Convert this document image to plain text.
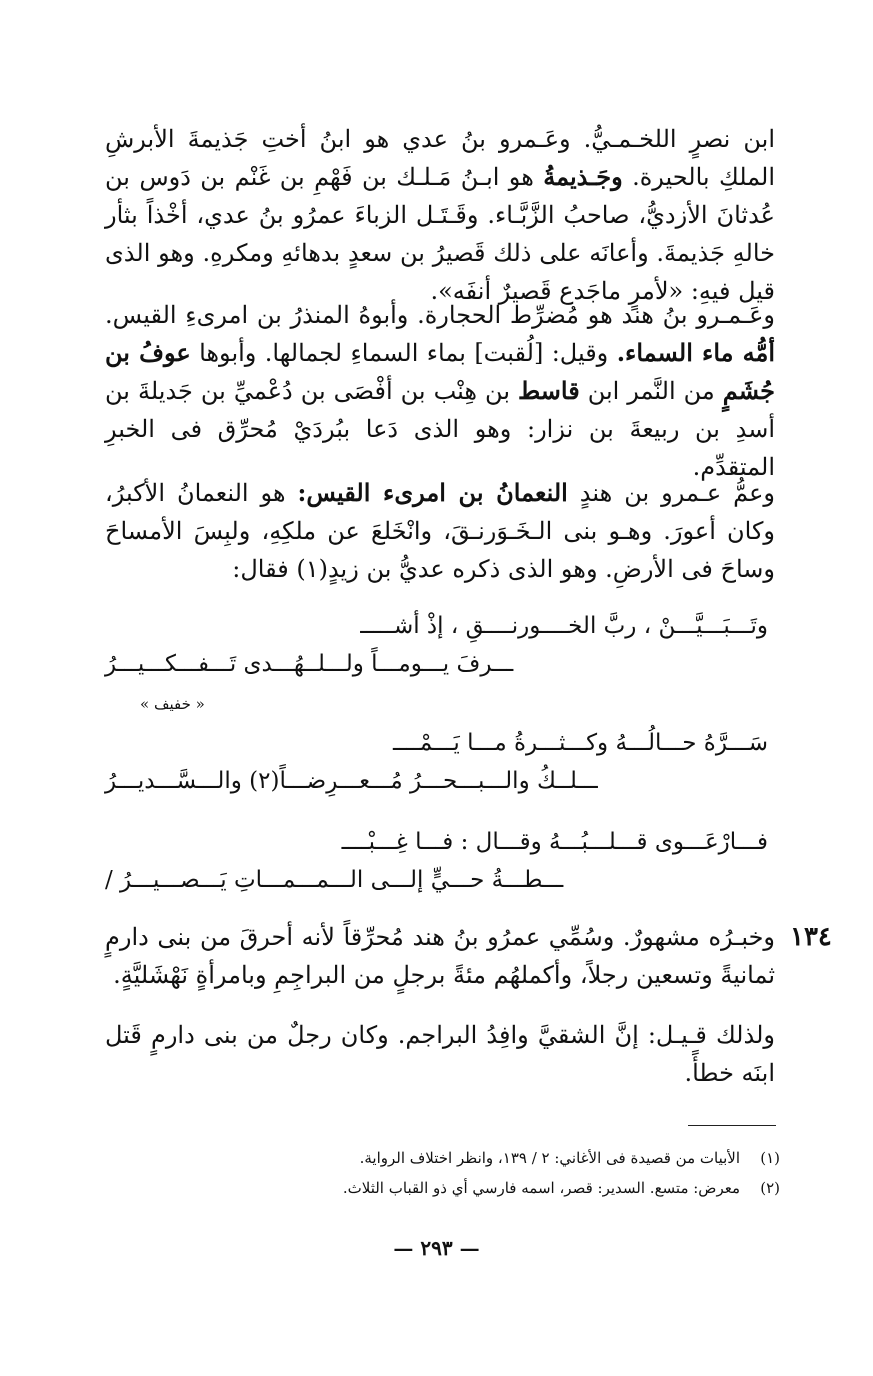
ابن نصرٍ اللخـمـيُّ. وعَـمرو بنُ عدي هو ابنُ أختِ جَذيمةَ الأبرشِ الملكِ بالحيرة. وجَـذيمةُ هو ابـنُ مَـلـك بن فَهْمِ بن غَنْم بن دَوس بن عُدثانَ الأزديُّ، صاحبُ الزَّبَّـاء. وقَـتَـل الزباءَ عمرُو بنُ عدي، أخْذاً بثأر خالهِ جَذيمةَ. وأعانَه على ذلك قَصيرُ بن سعدٍ بدهائهِ ومكرهِ. وهو الذى قيل فيهِ: «لأمرٍ ماجَدع قَصيرٌ أنفَه».
وعَـمـرو بنُ هند هو مُضرِّط الحجارة. وأبوهُ المنذرُ بن امرىءِ القيس. أمُّه ماء السماء. وقيل: [لُقبت] بماء السماءِ لجمالها. وأبوها عوفُ بن جُشَمٍ من النَّمر ابن قاسط بن هِنْب بن أفْصَى بن دُعْميِّ بن جَديلةَ بن أسدِ بن ربيعةَ بن نزار: وهو الذى دَعا ببُردَيْ مُحرِّق فى الخبرِ المتقدِّم.
وعمُّ عـمرو بن هندٍ النعمانُ بن امرىء القيس: هو النعمانُ الأكبرُ، وكان أعورَ. وهـو بنى الـخَـوَرنـقَ، وانْخَلعَ عن ملكِهِ، ولبِسَ الأمساحَ وساحَ فى الأرضِ. وهو الذى ذكره عديُّ بن زيدٍ(١) فقال:
وتَـــبَـــيَّـــنْ ، ربَّ الخــــورنــــقِ ، إذْ أشـــــ
ـــرفَ يـــومـــاً ولـــلــهُـــدى تَـــفـــكـــيـــرُ
« خفيف »
سَـــرَّهُ حـــالُـــهُ وكـــثـــرةُ مـــا يَـــمْــــ
ـــلــكُ والـــبـــحـــرُ مُـــعـــرِضـــاً(٢) والـــسَّـــديـــرُ
فـــارْعَـــوى قـــلـــبُـــهُ وقـــال : فـــا غِـــبْــــ
ـــطـــةُ حـــيٍّ إلـــى الـــمـــمـــاتِ يَـــصـــيـــرُ /
١٣٤
وخبـرُه مشهورٌ. وسُمِّي عمرُو بنُ هند مُحرِّقاً لأنه أحرقَ من بنى دارمٍ ثمانيةً وتسعين رجلاً، وأكملهُم مئةً برجلٍ من البراجِمِ وبامرأةٍ نَهْشَليَّةٍ.
ولذلك قـيـل: إنَّ الشقيَّ وافِدُ البراجم. وكان رجلٌ من بنى دارمٍ قَتل ابنَه خطأً.
(١)الأبيات من قصيدة فى الأغاني: ٢ / ١٣٩، وانظر اختلاف الرواية.
(٢)معرض: متسع. السدير: قصر، اسمه فارسي أي ذو القباب الثلاث.
— ٢٩٣ —
